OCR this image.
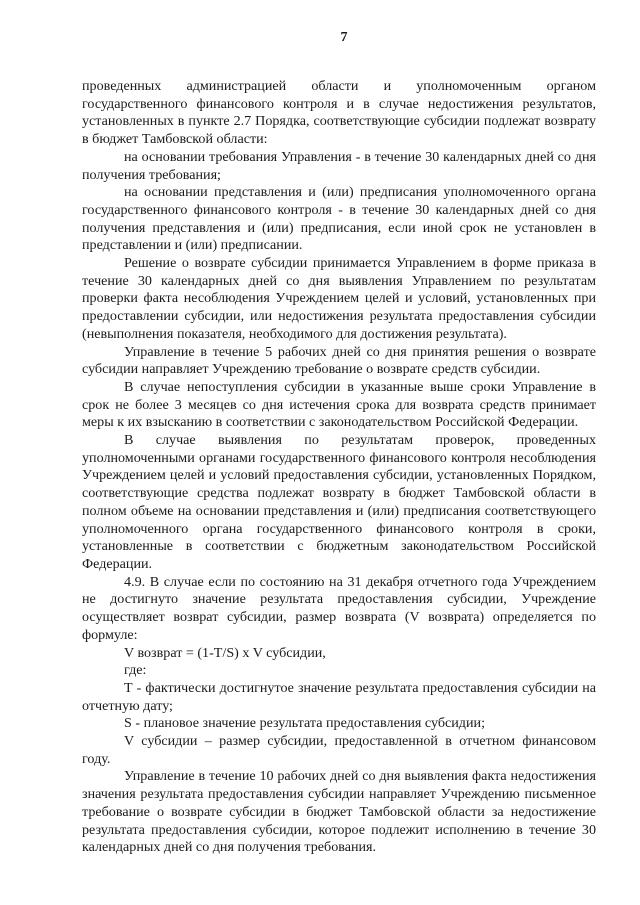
7

проведенных администрацией области и уполномоченным органом государственного финансового контроля и в случае недостижения результатов, установленных в пункте 2.7 Порядка, соответствующие субсидии подлежат возврату в бюджет Тамбовской области:

на основании требования Управления - в течение 30 календарных дней со дня получения требования;

на основании представления и (или) предписания уполномоченного органа государственного финансового контроля - в течение 30 календарных дней со дня получения представления и (или) предписания, если иной срок не установлен в представлении и (или) предписании.

Решение о возврате субсидии принимается Управлением в форме приказа в течение 30 календарных дней со дня выявления Управлением по результатам проверки факта несоблюдения Учреждением целей и условий, установленных при предоставлении субсидии, или недостижения результата предоставления субсидии (невыполнения показателя, необходимого для достижения результата).

Управление в течение 5 рабочих дней со дня принятия решения о возврате субсидии направляет Учреждению требование о возврате средств субсидии.

В случае непоступления субсидии в указанные выше сроки Управление в срок не более 3 месяцев со дня истечения срока для возврата средств принимает меры к их взысканию в соответствии с законодательством Российской Федерации.

В случае выявления по результатам проверок, проведенных уполномоченными органами государственного финансового контроля несоблюдения Учреждением целей и условий предоставления субсидии, установленных Порядком, соответствующие средства подлежат возврату в бюджет Тамбовской области в полном объеме на основании представления и (или) предписания соответствующего уполномоченного органа государственного финансового контроля в сроки, установленные в соответствии с бюджетным законодательством Российской Федерации.

4.9. В случае если по состоянию на 31 декабря отчетного года Учреждением не достигнуто значение результата предоставления субсидии, Учреждение осуществляет возврат субсидии, размер возврата (V возврата) определяется по формуле:

V возврат = (1-T/S) x V субсидии,

где:

Т - фактически достигнутое значение результата предоставления субсидии на отчетную дату;

S - плановое значение результата предоставления субсидии;

V субсидии – размер субсидии, предоставленной в отчетном финансовом году.

Управление в течение 10 рабочих дней со дня выявления факта недостижения значения результата предоставления субсидии направляет Учреждению письменное требование о возврате субсидии в бюджет Тамбовской области за недостижение результата предоставления субсидии, которое подлежит исполнению в течение 30 календарных дней со дня получения требования.
